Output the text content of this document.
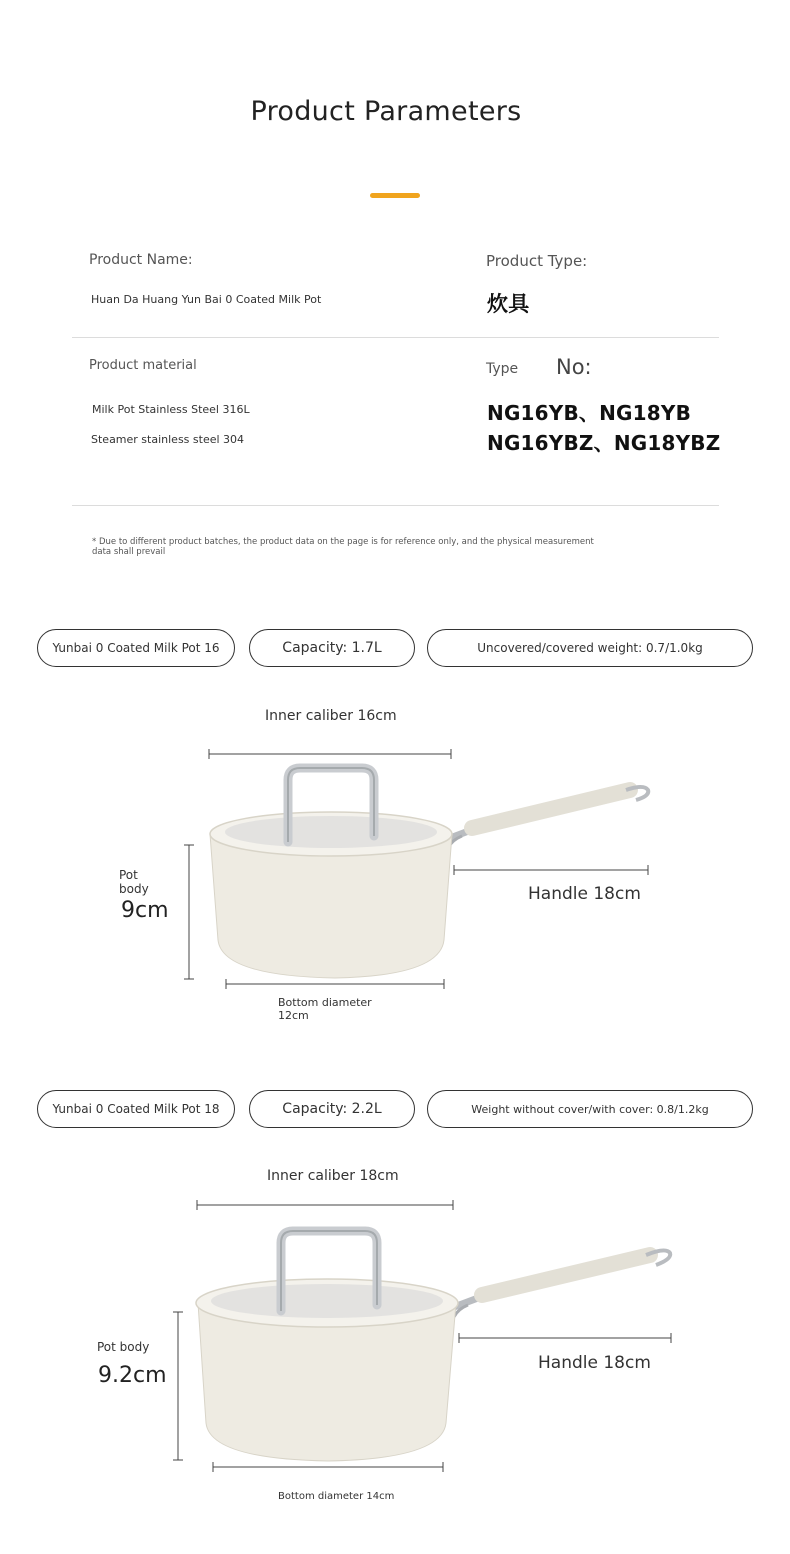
Product Parameters
Product Name:
Huan Da Huang Yun Bai 0 Coated Milk Pot
Product Type:
炊具
Product material
Milk Pot Stainless Steel 316L
Steamer stainless steel 304
Type No:
NG16YB、NG18YB
NG16YBZ、NG18YBZ
* Due to different product batches, the product data on the page is for reference only, and the physical measurement data shall prevail
Yunbai 0 Coated Milk Pot 16	Capacity: 1.7L	Uncovered/covered weight: 0.7/1.0kg
Inner caliber 16cm
Pot
body
9cm
Handle 18cm
Bottom diameter
12cm
Yunbai 0 Coated Milk Pot 18	Capacity: 2.2L	Weight without cover/with cover: 0.8/1.2kg
Inner caliber 18cm
Pot body
9.2cm	Handle 18cm
Bottom diameter 14cm
